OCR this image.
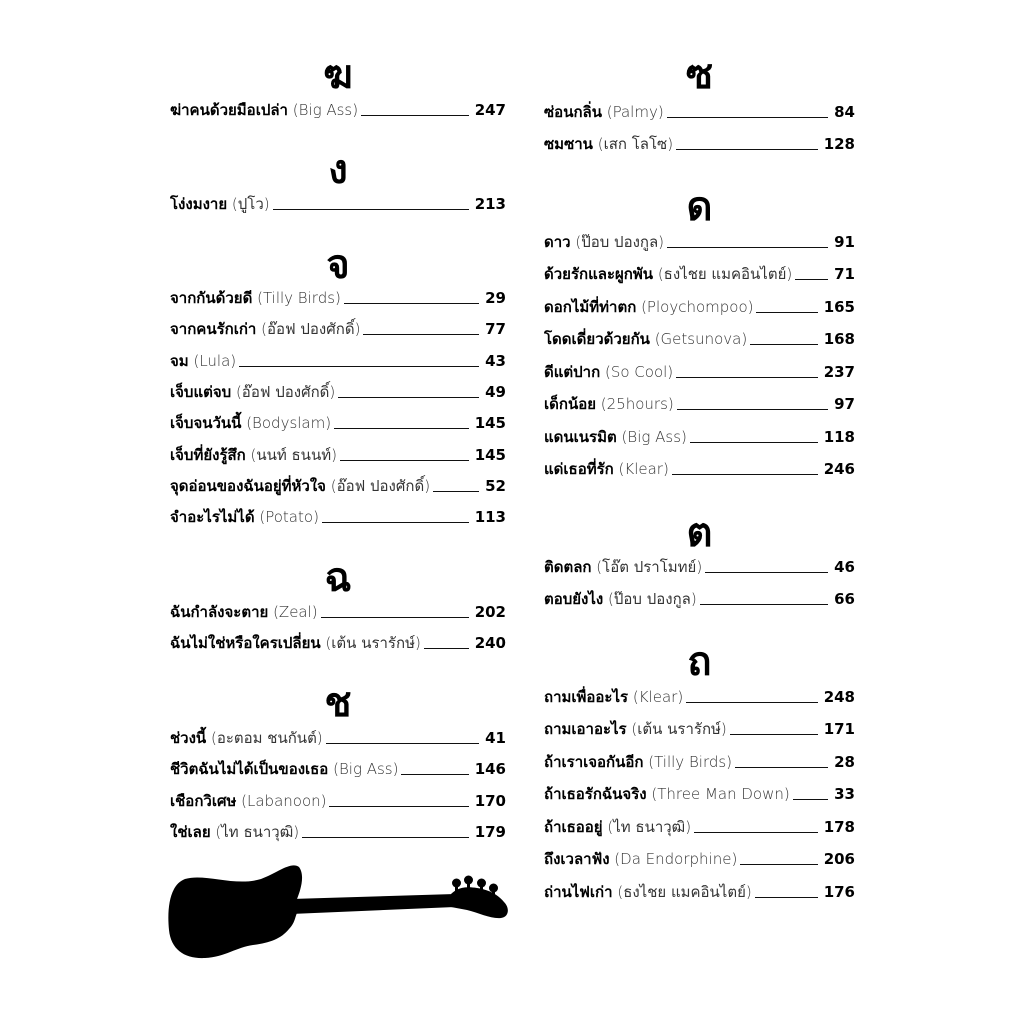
ฆ
ฆ่าคนด้วยมือเปล่า (Big Ass)	247
ง
โง่งมงาย (ปูโว)	213
จ
จากกันด้วยดี (Tilly Birds)	29
จากคนรักเก่า (อ๊อฟ ปองศักดิ์)	77
จม (Lula)	43
เจ็บแต่จบ (อ๊อฟ ปองศักดิ์)	49
เจ็บจนวันนี้ (Bodyslam)	145
เจ็บที่ยังรู้สึก (นนท์ ธนนท์)	145
จุดอ่อนของฉันอยู่ที่หัวใจ (อ๊อฟ ปองศักดิ์)	52
จำอะไรไม่ได้ (Potato)	113
ฉ
ฉันกำลังจะตาย (Zeal)	202
ฉันไม่ใช่หรือใครเปลี่ยน (เต้น นรารักษ์)	240
ช
ช่วงนี้ (อะตอม ชนกันต์)	41
ชีวิตฉันไม่ได้เป็นของเธอ (Big Ass)	146
เชือกวิเศษ (Labanoon)	170
ใช่เลย (ไท ธนาวุฒิ)	179
ซ
ซ่อนกลิ่น (Palmy)	84
ซมซาน (เสก โลโซ)	128
ด
ดาว (ป๊อบ ปองกูล)	91
ด้วยรักและผูกพัน (ธงไชย แมคอินไตย์)	71
ดอกไม้ที่ท่าตก (Ploychompoo)	165
โดดเดี่ยวด้วยกัน (Getsunova)	168
ดีแต่ปาก (So Cool)	237
เด็กน้อย (25hours)	97
แดนเนรมิต (Big Ass)	118
แด่เธอที่รัก (Klear)	246
ต
ติดตลก (โอ๊ต ปราโมทย์)	46
ตอบยังไง (ป๊อบ ปองกูล)	66
ถ
ถามเพื่ออะไร (Klear)	248
ถามเอาอะไร (เต้น นรารักษ์)	171
ถ้าเราเจอกันอีก (Tilly Birds)	28
ถ้าเธอรักฉันจริง (Three Man Down)	33
ถ้าเธออยู่ (ไท ธนาวุฒิ)	178
ถึงเวลาฟัง (Da Endorphine)	206
ถ่านไฟเก่า (ธงไชย แมคอินไตย์)	176
